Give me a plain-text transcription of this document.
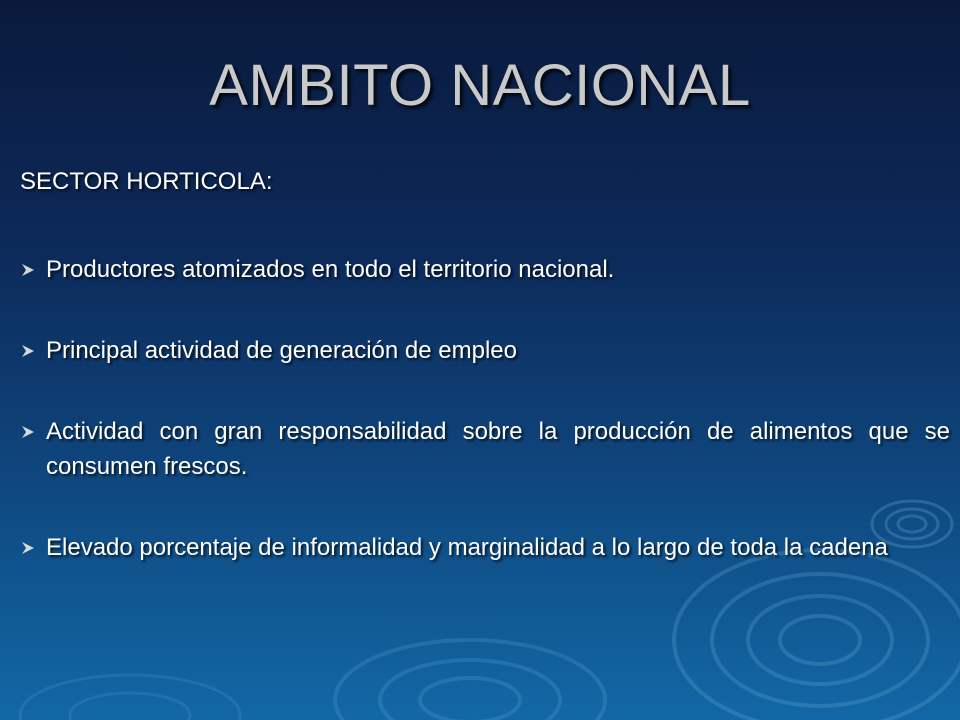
AMBITO NACIONAL
SECTOR HORTICOLA:
Productores atomizados en todo el territorio nacional.
Principal actividad de generación de empleo
Actividad con gran responsabilidad sobre la producción de alimentos que se consumen frescos.
Elevado porcentaje de informalidad y marginalidad a lo largo de toda la cadena
